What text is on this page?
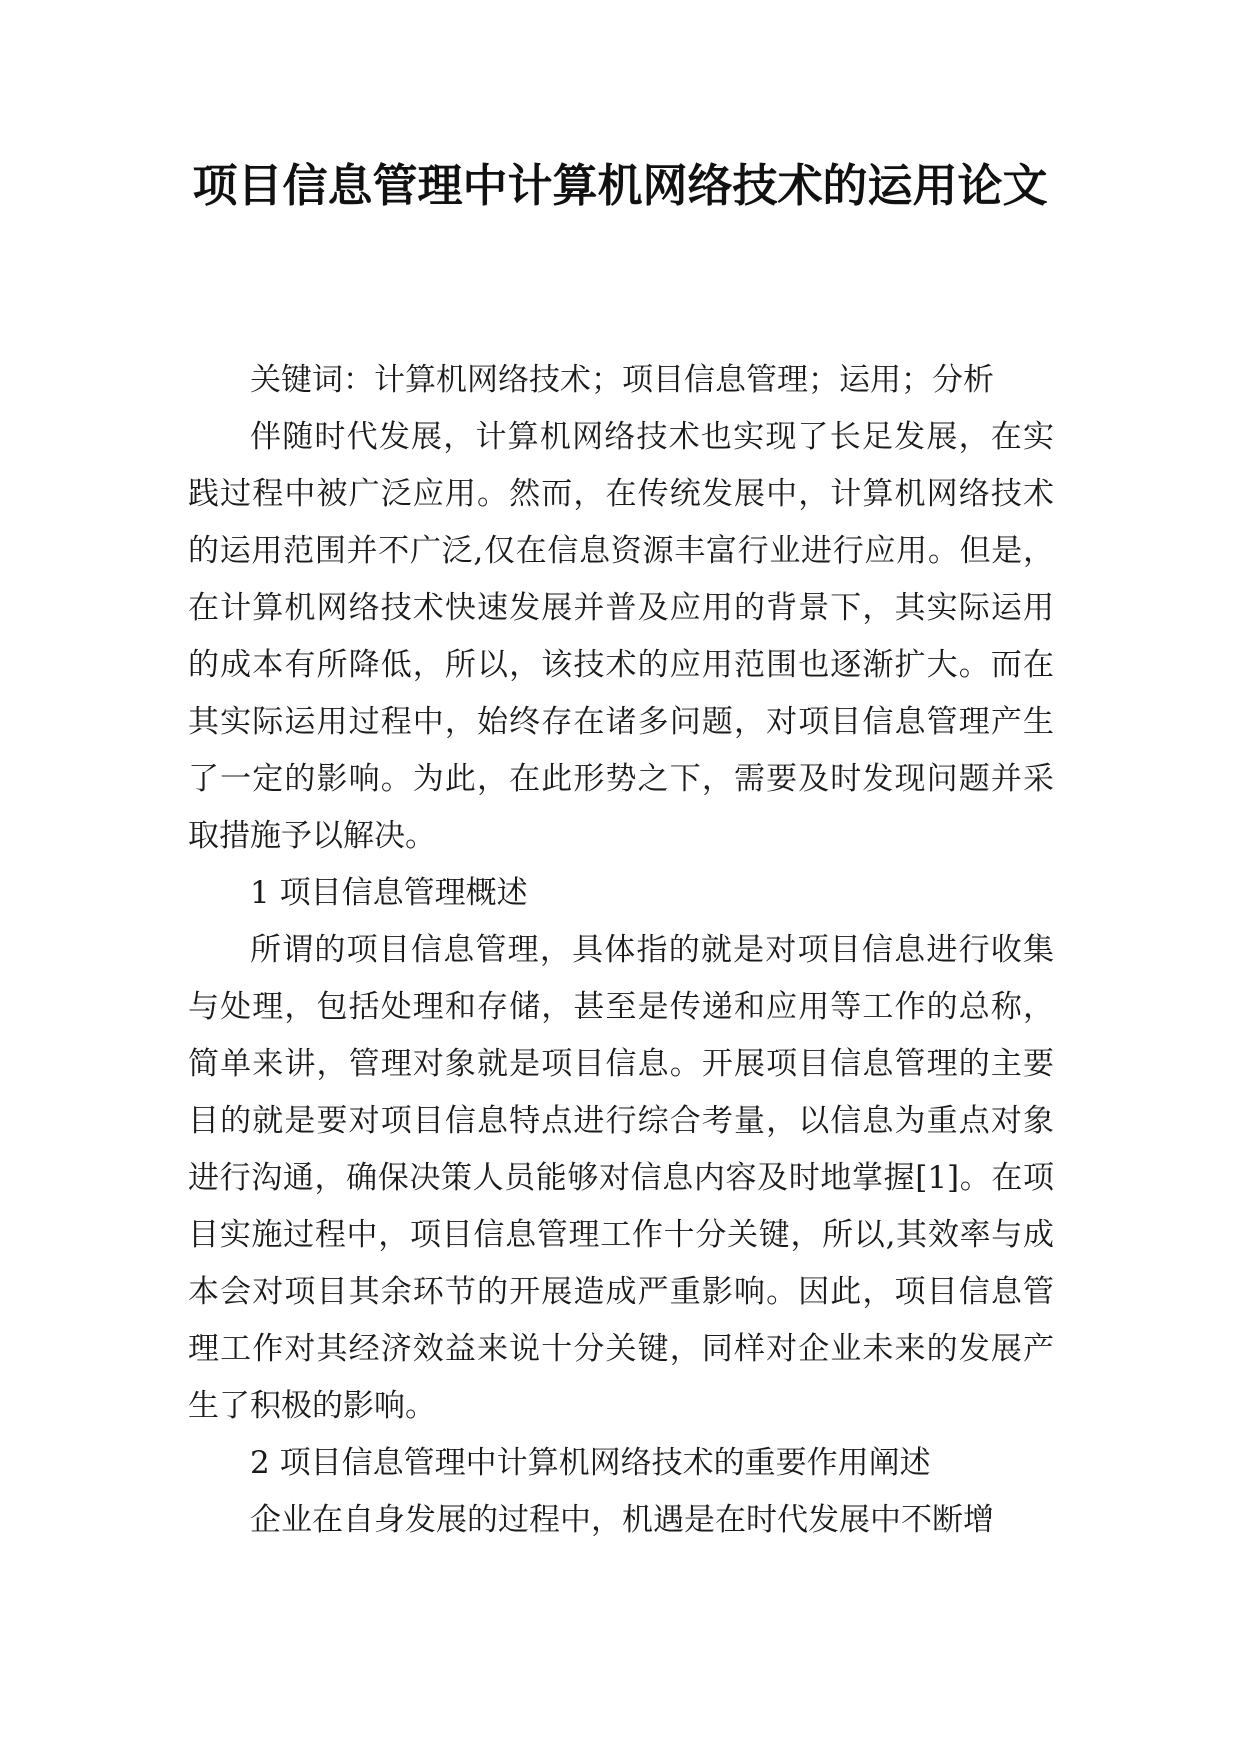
项目信息管理中计算机网络技术的运用论文

关键词：计算机网络技术；项目信息管理；运用；分析

伴随时代发展，计算机网络技术也实现了长足发展，在实践过程中被广泛应用。然而，在传统发展中，计算机网络技术的运用范围并不广泛,仅在信息资源丰富行业进行应用。但是，在计算机网络技术快速发展并普及应用的背景下，其实际运用的成本有所降低，所以，该技术的应用范围也逐渐扩大。而在其实际运用过程中，始终存在诸多问题，对项目信息管理产生了一定的影响。为此，在此形势之下，需要及时发现问题并采取措施予以解决。

1 项目信息管理概述

所谓的项目信息管理，具体指的就是对项目信息进行收集与处理，包括处理和存储，甚至是传递和应用等工作的总称，简单来讲，管理对象就是项目信息。开展项目信息管理的主要目的就是要对项目信息特点进行综合考量，以信息为重点对象进行沟通，确保决策人员能够对信息内容及时地掌握[1]。在项目实施过程中，项目信息管理工作十分关键，所以,其效率与成本会对项目其余环节的开展造成严重影响。因此，项目信息管理工作对其经济效益来说十分关键，同样对企业未来的发展产生了积极的影响。

2 项目信息管理中计算机网络技术的重要作用阐述

企业在自身发展的过程中，机遇是在时代发展中不断增
